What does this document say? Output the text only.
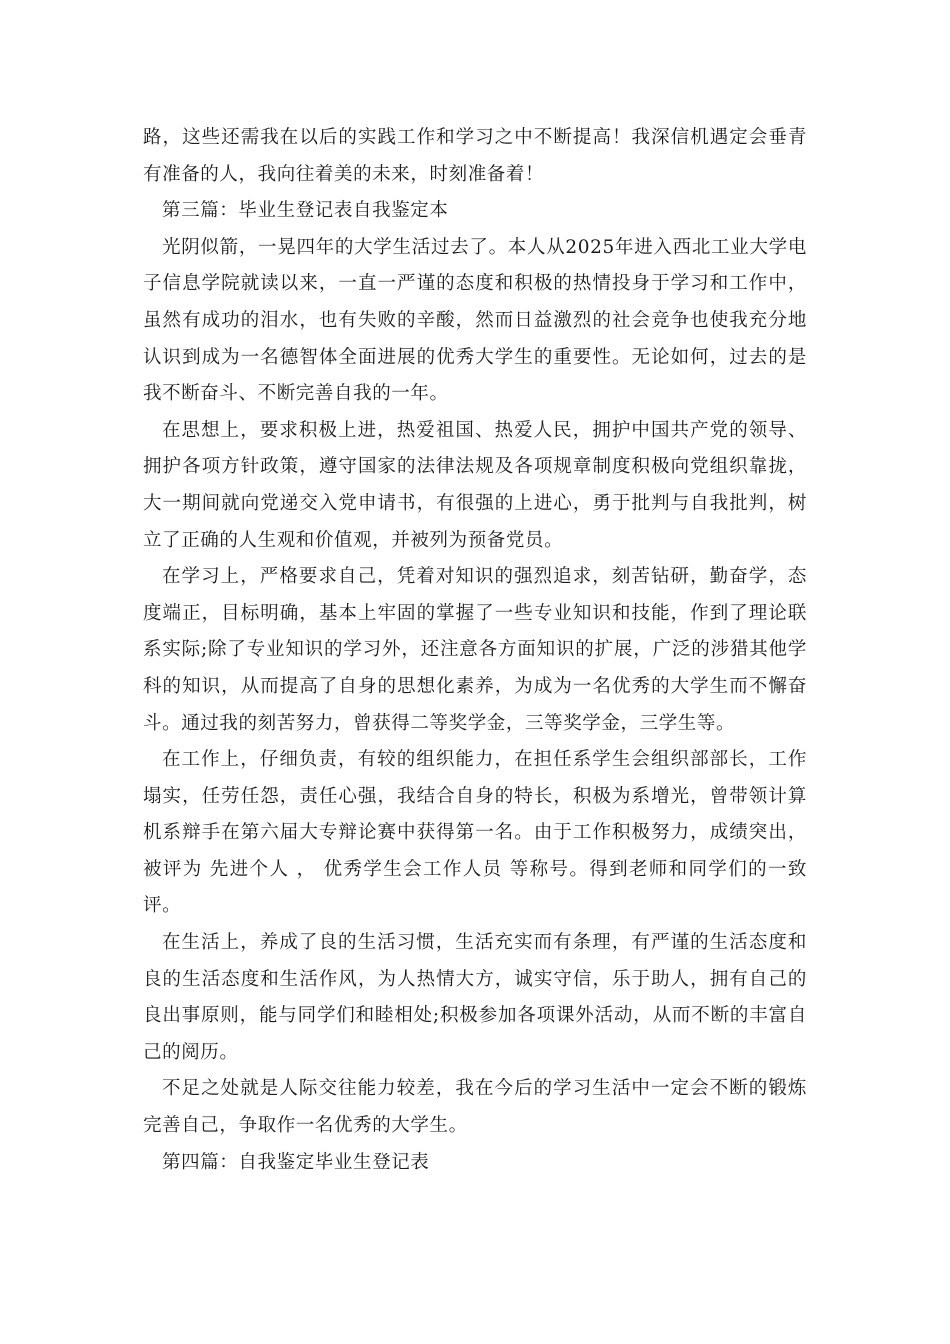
路，这些还需我在以后的实践工作和学习之中不断提高！我深信机遇定会垂青有准备的人，我向往着美的未来，时刻准备着！

第三篇：毕业生登记表自我鉴定本

光阴似箭，一晃四年的大学生活过去了。本人从2025年进入西北工业大学电子信息学院就读以来，一直一严谨的态度和积极的热情投身于学习和工作中，虽然有成功的泪水，也有失败的辛酸，然而日益激烈的社会竞争也使我充分地认识到成为一名德智体全面进展的优秀大学生的重要性。无论如何，过去的是我不断奋斗、不断完善自我的一年。

在思想上，要求积极上进，热爱祖国、热爱人民，拥护中国共产党的领导、拥护各项方针政策，遵守国家的法律法规及各项规章制度积极向党组织靠拢，大一期间就向党递交入党申请书，有很强的上进心，勇于批判与自我批判，树立了正确的人生观和价值观，并被列为预备党员。

在学习上，严格要求自己，凭着对知识的强烈追求，刻苦钻研，勤奋学，态度端正，目标明确，基本上牢固的掌握了一些专业知识和技能，作到了理论联系实际;除了专业知识的学习外，还注意各方面知识的扩展，广泛的涉猎其他学科的知识，从而提高了自身的思想化素养，为成为一名优秀的大学生而不懈奋斗。通过我的刻苦努力，曾获得二等奖学金，三等奖学金，三学生等。

在工作上，仔细负责，有较的组织能力，在担任系学生会组织部部长，工作塌实，任劳任怨，责任心强，我结合自身的特长，积极为系增光，曾带领计算机系辩手在第六届大专辩论赛中获得第一名。由于工作积极努力，成绩突出，被评为 先进个人 ， 优秀学生会工作人员 等称号。得到老师和同学们的一致评。

在生活上，养成了良的生活习惯，生活充实而有条理，有严谨的生活态度和良的生活态度和生活作风，为人热情大方，诚实守信，乐于助人，拥有自己的良出事原则，能与同学们和睦相处;积极参加各项课外活动，从而不断的丰富自己的阅历。

不足之处就是人际交往能力较差，我在今后的学习生活中一定会不断的锻炼完善自己，争取作一名优秀的大学生。

第四篇：自我鉴定毕业生登记表
